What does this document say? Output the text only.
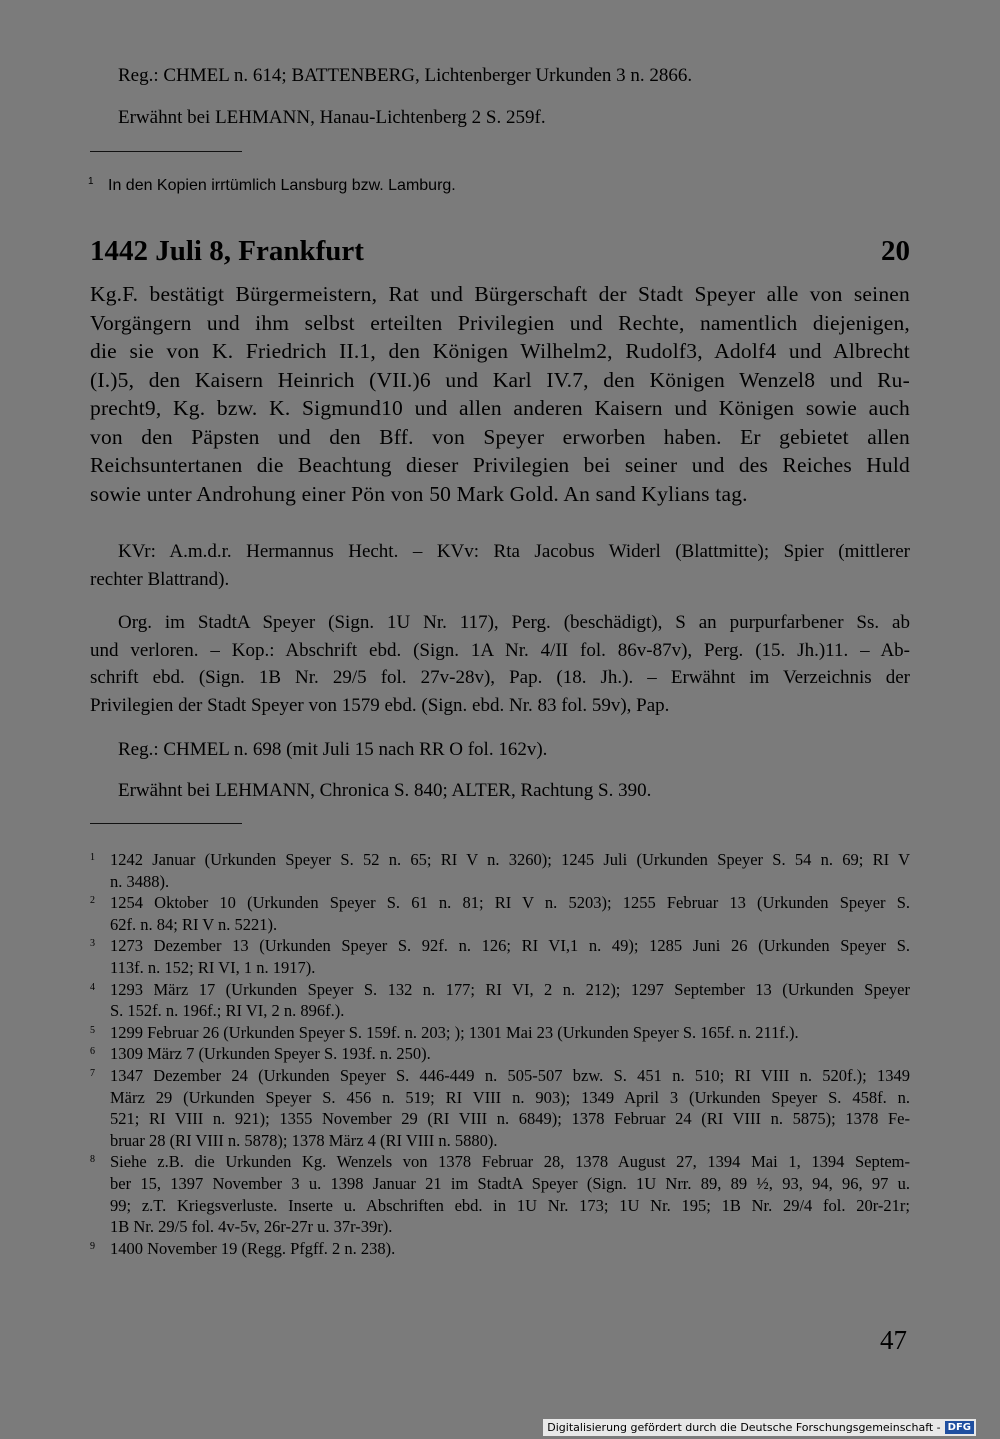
Reg.: CHMEL n. 614; BATTENBERG, Lichtenberger Urkunden 3 n. 2866.

Erwähnt bei LEHMANN, Hanau-Lichtenberg 2 S. 259f.

1 In den Kopien irrtümlich Lansburg bzw. Lamburg.
1442 Juli 8, Frankfurt	20
Kg.F. bestätigt Bürgermeistern, Rat und Bürgerschaft der Stadt Speyer alle von seinen
Vorgängern und ihm selbst erteilten Privilegien und Rechte, namentlich diejenigen,
die sie von K. Friedrich II.1, den Königen Wilhelm2, Rudolf3, Adolf4 und Albrecht
(I.)5, den Kaisern Heinrich (VII.)6 und Karl IV.7, den Königen Wenzel8 und Ru-
precht9, Kg. bzw. K. Sigmund10 und allen anderen Kaisern und Königen sowie auch
von den Päpsten und den Bff. von Speyer erworben haben. Er gebietet allen
Reichsuntertanen die Beachtung dieser Privilegien bei seiner und des Reiches Huld
sowie unter Androhung einer Pön von 50 Mark Gold. An sand Kylians tag.
KVr: A.m.d.r. Hermannus Hecht. – KVv: Rta Jacobus Widerl (Blattmitte); Spier (mittlerer
rechter Blattrand).
Org. im StadtA Speyer (Sign. 1U Nr. 117), Perg. (beschädigt), S an purpurfarbener Ss. ab
und verloren. – Kop.: Abschrift ebd. (Sign. 1A Nr. 4/II fol. 86v-87v), Perg. (15. Jh.)11. – Ab-
schrift ebd. (Sign. 1B Nr. 29/5 fol. 27v-28v), Pap. (18. Jh.). – Erwähnt im Verzeichnis der
Privilegien der Stadt Speyer von 1579 ebd. (Sign. ebd. Nr. 83 fol. 59v), Pap.

Reg.: CHMEL n. 698 (mit Juli 15 nach RR O fol. 162v).

Erwähnt bei LEHMANN, Chronica S. 840; ALTER, Rachtung S. 390.

1 1242 Januar (Urkunden Speyer S. 52 n. 65; RI V n. 3260); 1245 Juli (Urkunden Speyer S. 54 n. 69; RI V
n. 3488).
2 1254 Oktober 10 (Urkunden Speyer S. 61 n. 81; RI V n. 5203); 1255 Februar 13 (Urkunden Speyer S.
62f. n. 84; RI V n. 5221).
3 1273 Dezember 13 (Urkunden Speyer S. 92f. n. 126; RI VI,1 n. 49); 1285 Juni 26 (Urkunden Speyer S.
113f. n. 152; RI VI, 1 n. 1917).
4 1293 März 17 (Urkunden Speyer S. 132 n. 177; RI VI, 2 n. 212); 1297 September 13 (Urkunden Speyer
S. 152f. n. 196f.; RI VI, 2 n. 896f.).
5 1299 Februar 26 (Urkunden Speyer S. 159f. n. 203; ); 1301 Mai 23 (Urkunden Speyer S. 165f. n. 211f.).
6 1309 März 7 (Urkunden Speyer S. 193f. n. 250).
7 1347 Dezember 24 (Urkunden Speyer S. 446-449 n. 505-507 bzw. S. 451 n. 510; RI VIII n. 520f.); 1349
März 29 (Urkunden Speyer S. 456 n. 519; RI VIII n. 903); 1349 April 3 (Urkunden Speyer S. 458f. n.
521; RI VIII n. 921); 1355 November 29 (RI VIII n. 6849); 1378 Februar 24 (RI VIII n. 5875); 1378 Fe-
bruar 28 (RI VIII n. 5878); 1378 März 4 (RI VIII n. 5880).
8 Siehe z.B. die Urkunden Kg. Wenzels von 1378 Februar 28, 1378 August 27, 1394 Mai 1, 1394 Septem-
ber 15, 1397 November 3 u. 1398 Januar 21 im StadtA Speyer (Sign. 1U Nrr. 89, 89 ½, 93, 94, 96, 97 u.
99; z.T. Kriegsverluste. Inserte u. Abschriften ebd. in 1U Nr. 173; 1U Nr. 195; 1B Nr. 29/4 fol. 20r-21r;
1B Nr. 29/5 fol. 4v-5v, 26r-27r u. 37r-39r).
9 1400 November 19 (Regg. Pfgff. 2 n. 238).
47
Digitalisierung gefördert durch die Deutsche Forschungsgemeinschaft - DFG
